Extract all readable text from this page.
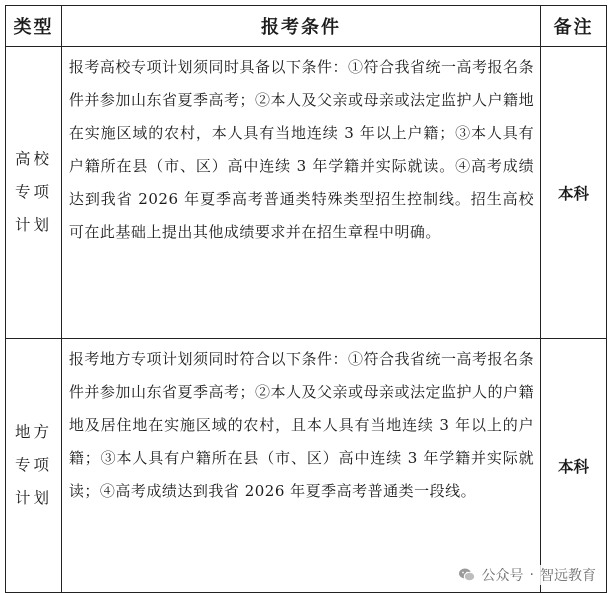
类型	报考条件	备注

高校
专项
计划	报考高校专项计划须同时具备以下条件：①符合我省统一高考报名条件并参加山东省夏季高考；②本人及父亲或母亲或法定监护人户籍地在实施区域的农村，本人具有当地连续 3 年以上户籍；③本人具有户籍所在县（市、区）高中连续 3 年学籍并实际就读。④高考成绩达到我省 2026 年夏季高考普通类特殊类型招生控制线。招生高校可在此基础上提出其他成绩要求并在招生章程中明确。	本科

地方
专项
计划	报考地方专项计划须同时符合以下条件：①符合我省统一高考报名条件并参加山东省夏季高考；②本人及父亲或母亲或法定监护人的户籍地及居住地在实施区域的农村，且本人具有当地连续 3 年以上的户籍；③本人具有户籍所在县（市、区）高中连续 3 年学籍并实际就读；④高考成绩达到我省 2026 年夏季高考普通类一段线。	本科
公众号 · 智远教育
